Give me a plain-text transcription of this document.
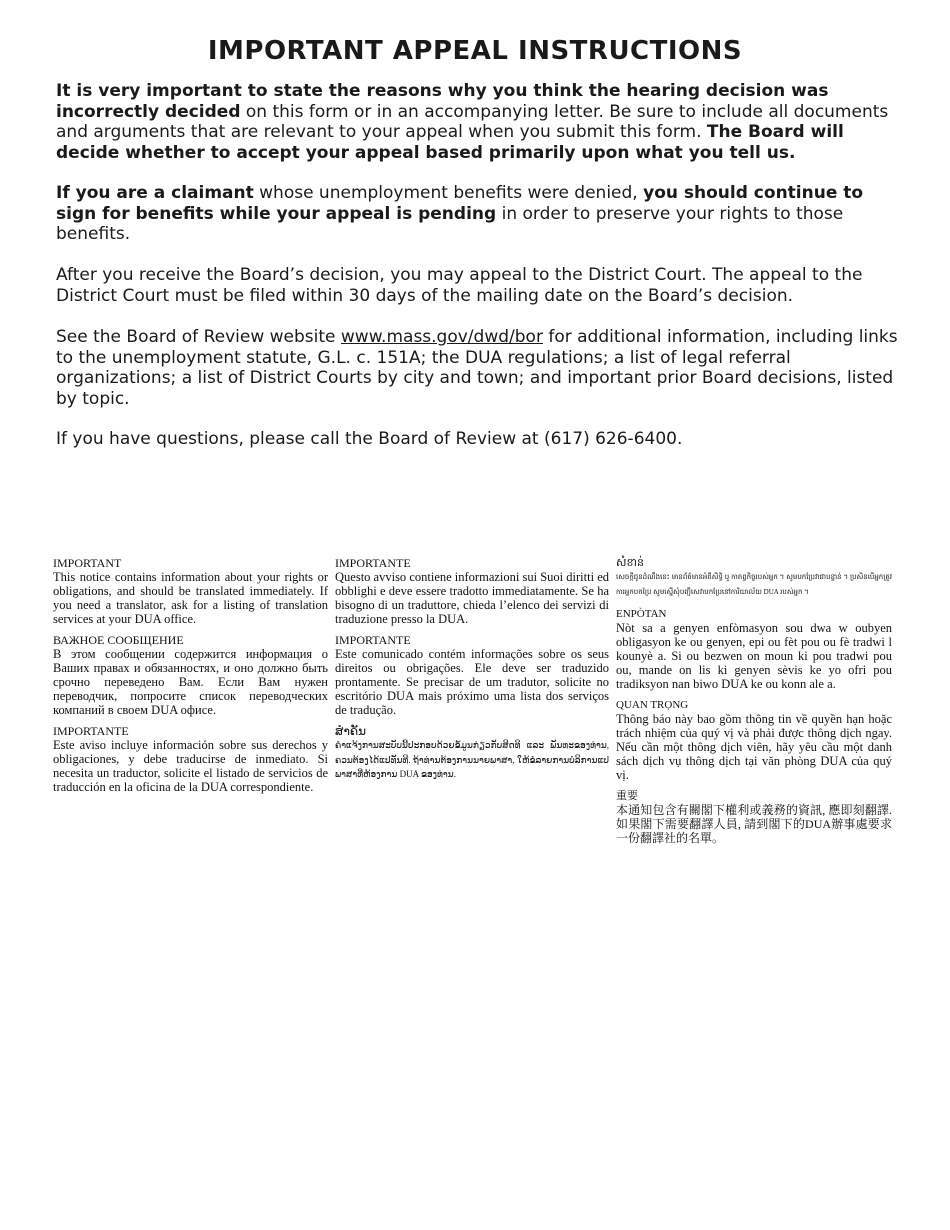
IMPORTANT APPEAL INSTRUCTIONS

It is very important to state the reasons why you think the hearing decision was incorrectly decided on this form or in an accompanying letter. Be sure to include all documents and arguments that are relevant to your appeal when you submit this form. The Board will decide whether to accept your appeal based primarily upon what you tell us.

If you are a claimant whose unemployment benefits were denied, you should continue to sign for benefits while your appeal is pending in order to preserve your rights to those benefits.

After you receive the Board’s decision, you may appeal to the District Court. The appeal to the District Court must be filed within 30 days of the mailing date on the Board’s decision.

See the Board of Review website www.mass.gov/dwd/bor for additional information, including links to the unemployment statute, G.L. c. 151A; the DUA regulations; a list of legal referral organizations; a list of District Courts by city and town; and important prior Board decisions, listed by topic.

If you have questions, please call the Board of Review at (617) 626-6400.

IMPORTANT

This notice contains information about your rights or obligations, and should be translated immediately. If you need a translator, ask for a listing of translation services at your DUA office.

ВАЖНОЕ СООБЩЕНИЕ

В этом сообщении содержится информация о Ваших правах и обязанностях, и оно должно быть срочно переведено Вам. Если Вам нужен переводчик, попросите список переводческих компаний в своем DUA офисе.

IMPORTANTE

Este aviso incluye información sobre sus derechos y obligaciones, y debe traducirse de inmediato. Si necesita un traductor, solicite el listado de servicios de traducción en la oficina de la DUA correspondiente.

IMPORTANTE

Questo avviso contiene informazioni sui Suoi diritti ed obblighi e deve essere tradotto immediatamente. Se ha bisogno di un traduttore, chieda l’elenco dei servizi di traduzione presso la DUA.

IMPORTANTE

Este comunicado contém informações sobre os seus direitos ou obrigações. Ele deve ser traduzido prontamente. Se precisar de um tradutor, solicite no escritório DUA mais próximo uma lista dos serviços de tradução.

ສຳຄັນ

ຄຳແຈ້ງການສະບັບນີ້ປະກອບດ້ວຍຂໍ້ມູນກ່ຽວກັບສິດທິ ແລະ ພັນທະຂອງທ່ານ, ຄວນຕ້ອງໄດ້ແປທັນທີ. ຖ້າທ່ານຕ້ອງການນາຍພາສາ, ໃຫ້ຂໍລາຍການບໍລິການແປພາສາທີ່ຫ້ອງການ DUA ຂອງທ່ານ.

សំខាន់

សេចក្ដីជូនដំណឹងនេះ មានព័ត៌មានអំពីសិទ្ធិ ឬ កាតព្វកិច្ចរបស់អ្នក ។ សូមបកប្រែវាជាបន្ទាន់ ។ ប្រសិនបើអ្នកត្រូវការអ្នកបកប្រែ សូមស្នើសុំបញ្ជីសេវាបកប្រែនៅការិយាល័យ DUA របស់អ្នក ។

ENPÒTAN

Nòt sa a genyen enfòmasyon sou dwa w oubyen obligasyon ke ou genyen, epi ou fèt pou ou fè tradwi l kounyè a. Si ou bezwen on moun ki pou tradwi pou ou, mande on lis ki genyen sèvis ke yo ofri pou tradiksyon nan biwo DUA ke ou konn ale a.

QUAN TRỌNG

Thông báo này bao gồm thông tin về quyền hạn hoặc trách nhiệm của quý vị và phải được thông dịch ngay. Nếu cần một thông dịch viên, hãy yêu cầu một danh sách dịch vụ thông dịch tại văn phòng DUA của quý vị.

重要

本通知包含有關閣下權利或義務的資訊, 應即刻翻譯. 如果閣下需要翻譯人員, 請到閣下的DUA辦事處要求一份翻譯社的名單。
